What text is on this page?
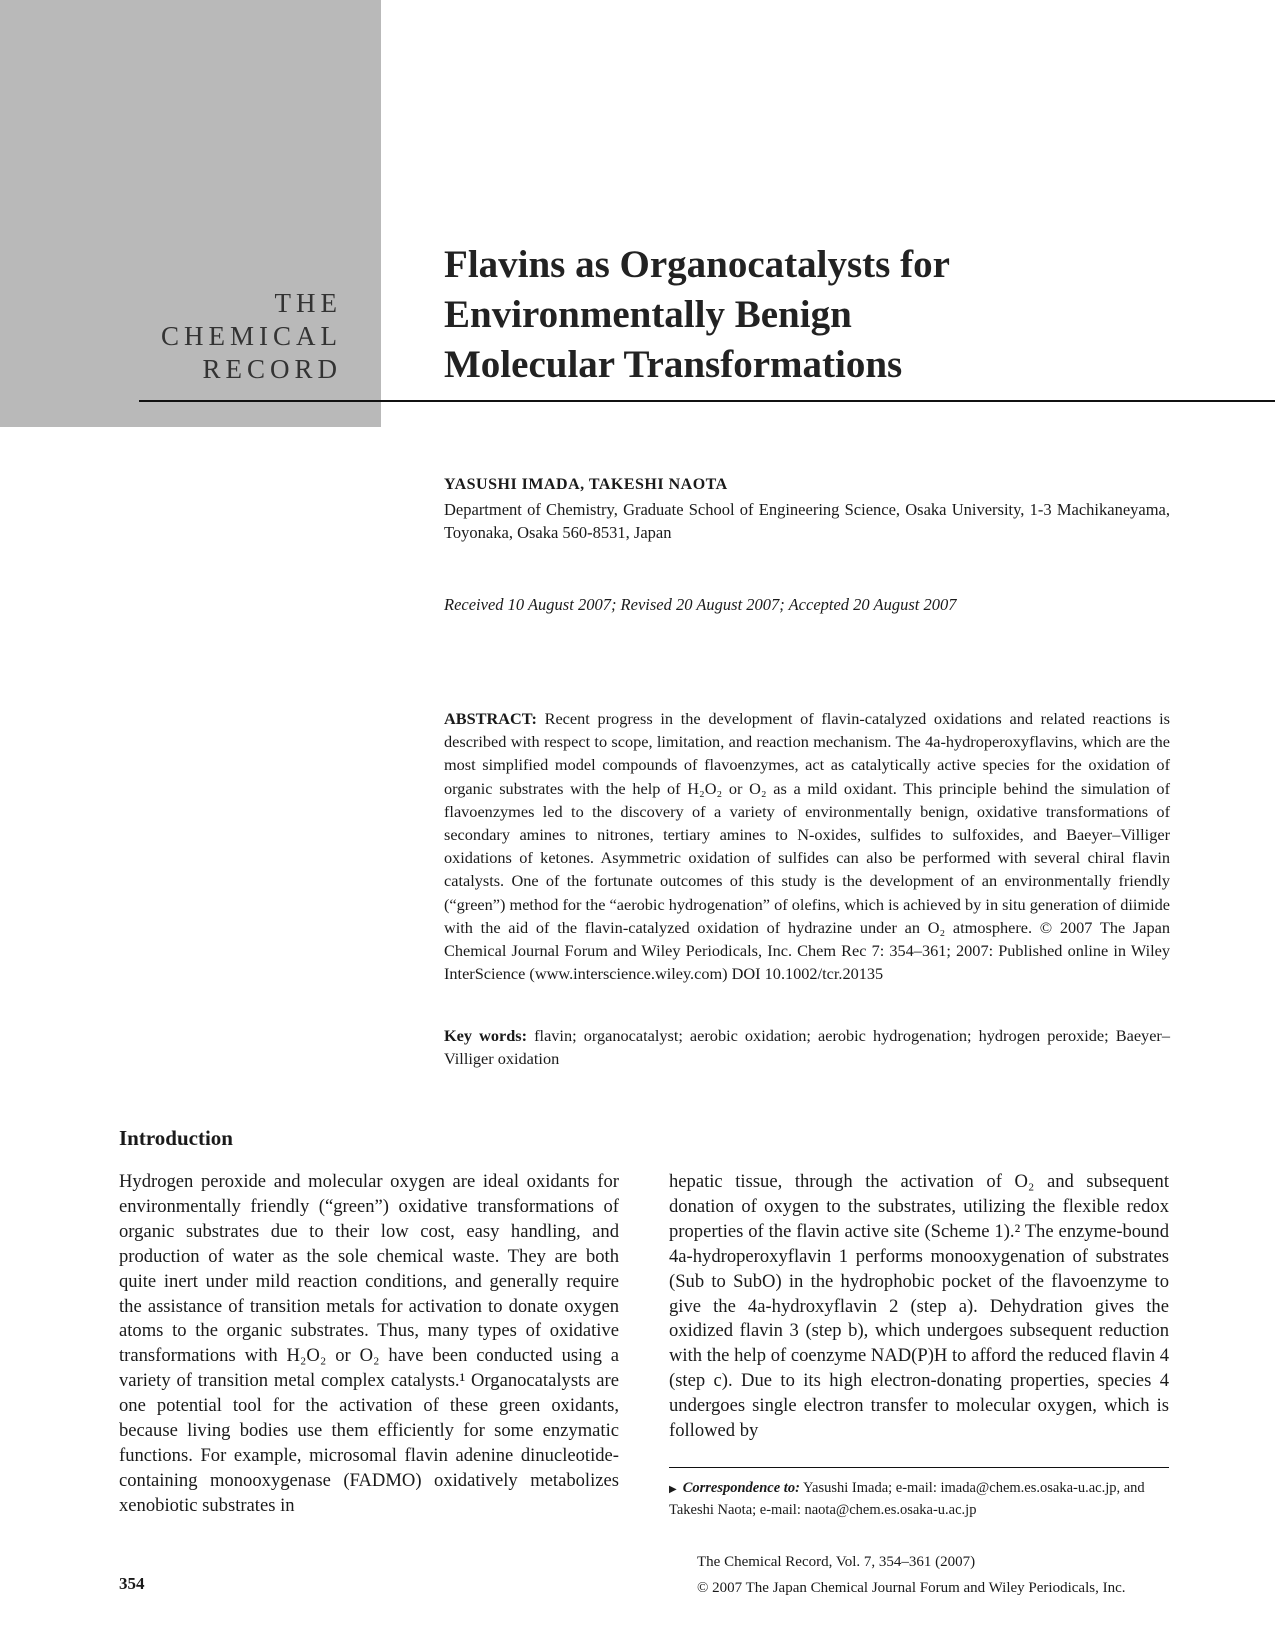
THE
CHEMICAL
RECORD
Flavins as Organocatalysts for
Environmentally Benign
Molecular Transformations
YASUSHI IMADA, TAKESHI NAOTA
Department of Chemistry, Graduate School of Engineering Science, Osaka University, 1-3 Machikaneyama, Toyonaka, Osaka 560-8531, Japan
Received 10 August 2007; Revised 20 August 2007; Accepted 20 August 2007
ABSTRACT: Recent progress in the development of flavin-catalyzed oxidations and related reactions is described with respect to scope, limitation, and reaction mechanism. The 4a-hydroperoxyflavins, which are the most simplified model compounds of flavoenzymes, act as catalytically active species for the oxidation of organic substrates with the help of H₂O₂ or O₂ as a mild oxidant. This principle behind the simulation of flavoenzymes led to the discovery of a variety of environmentally benign, oxidative transformations of secondary amines to nitrones, tertiary amines to N-oxides, sulfides to sulfoxides, and Baeyer–Villiger oxidations of ketones. Asymmetric oxidation of sulfides can also be performed with several chiral flavin catalysts. One of the fortunate outcomes of this study is the development of an environmentally friendly (“green”) method for the “aerobic hydrogenation” of olefins, which is achieved by in situ generation of diimide with the aid of the flavin-catalyzed oxidation of hydrazine under an O₂ atmosphere. © 2007 The Japan Chemical Journal Forum and Wiley Periodicals, Inc. Chem Rec 7: 354–361; 2007: Published online in Wiley InterScience (www.interscience.wiley.com) DOI 10.1002/tcr.20135
Key words: flavin; organocatalyst; aerobic oxidation; aerobic hydrogenation; hydrogen peroxide; Baeyer–Villiger oxidation
Introduction
Hydrogen peroxide and molecular oxygen are ideal oxidants for environmentally friendly (“green”) oxidative transformations of organic substrates due to their low cost, easy handling, and production of water as the sole chemical waste. They are both quite inert under mild reaction conditions, and generally require the assistance of transition metals for activation to donate oxygen atoms to the organic substrates. Thus, many types of oxidative transformations with H₂O₂ or O₂ have been conducted using a variety of transition metal complex catalysts.¹ Organocatalysts are one potential tool for the activation of these green oxidants, because living bodies use them efficiently for some enzymatic functions. For example, microsomal flavin adenine dinucleotide-containing monooxygenase (FADMO) oxidatively metabolizes xenobiotic substrates in
hepatic tissue, through the activation of O₂ and subsequent donation of oxygen to the substrates, utilizing the flexible redox properties of the flavin active site (Scheme 1).² The enzyme-bound 4a-hydroperoxyflavin 1 performs monooxygenation of substrates (Sub to SubO) in the hydrophobic pocket of the flavoenzyme to give the 4a-hydroxyflavin 2 (step a). Dehydration gives the oxidized flavin 3 (step b), which undergoes subsequent reduction with the help of coenzyme NAD(P)H to afford the reduced flavin 4 (step c). Due to its high electron-donating properties, species 4 undergoes single electron transfer to molecular oxygen, which is followed by
▶ Correspondence to: Yasushi Imada; e-mail: imada@chem.es.osaka-u.ac.jp, and Takeshi Naota; e-mail: naota@chem.es.osaka-u.ac.jp
354
The Chemical Record, Vol. 7, 354–361 (2007)
© 2007 The Japan Chemical Journal Forum and Wiley Periodicals, Inc.
